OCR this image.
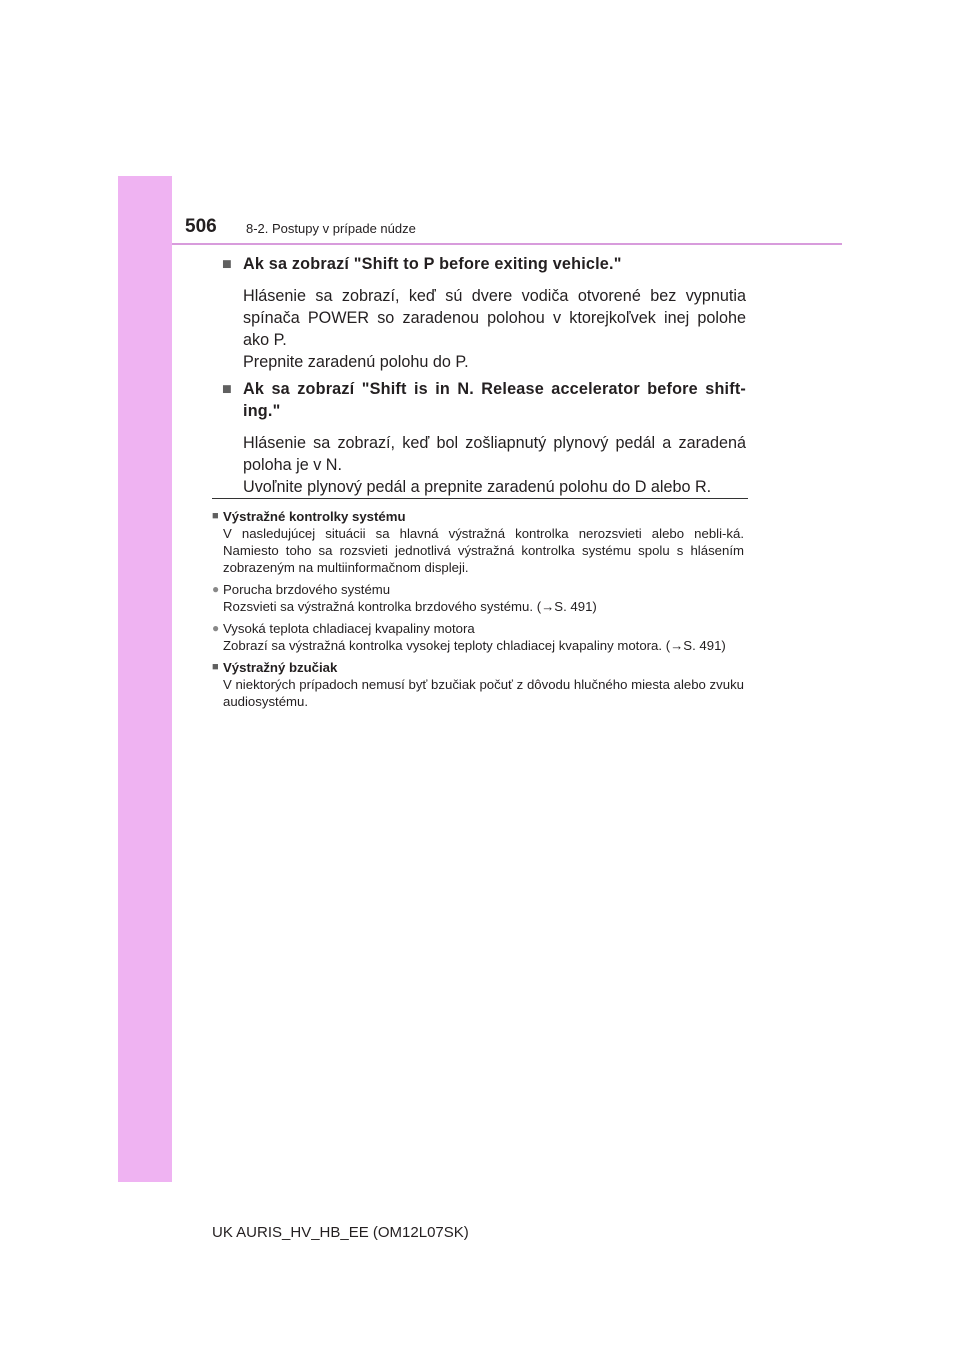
506 8-2. Postupy v prípade núdze
■ Ak sa zobrazí "Shift to P before exiting vehicle."
Hlásenie sa zobrazí, keď sú dvere vodiča otvorené bez vypnutia spínača POWER so zaradenou polohou v ktorejkoľvek inej polohe ako P.
Prepnite zaradenú polohu do P.
■ Ak sa zobrazí "Shift is in N. Release accelerator before shift-ing."
Hlásenie sa zobrazí, keď bol zošliapnutý plynový pedál a zaradená poloha je v N.
Uvoľnite plynový pedál a prepnite zaradenú polohu do D alebo R.
■ Výstražné kontrolky systému
V nasledujúcej situácii sa hlavná výstražná kontrolka nerozsvieti alebo nebli-ká. Namiesto toho sa rozsvieti jednotlivá výstražná kontrolka systému spolu s hlásením zobrazeným na multiinformačnom displeji.
● Porucha brzdového systému
Rozsvieti sa výstražná kontrolka brzdového systému. (→S. 491)
● Vysoká teplota chladiacej kvapaliny motora
Zobrazí sa výstražná kontrolka vysokej teploty chladiacej kvapaliny motora. (→S. 491)
■ Výstražný bzučiak
V niektorých prípadoch nemusí byť bzučiak počuť z dôvodu hlučného miesta alebo zvuku audiosystému.
UK AURIS_HV_HB_EE (OM12L07SK)
